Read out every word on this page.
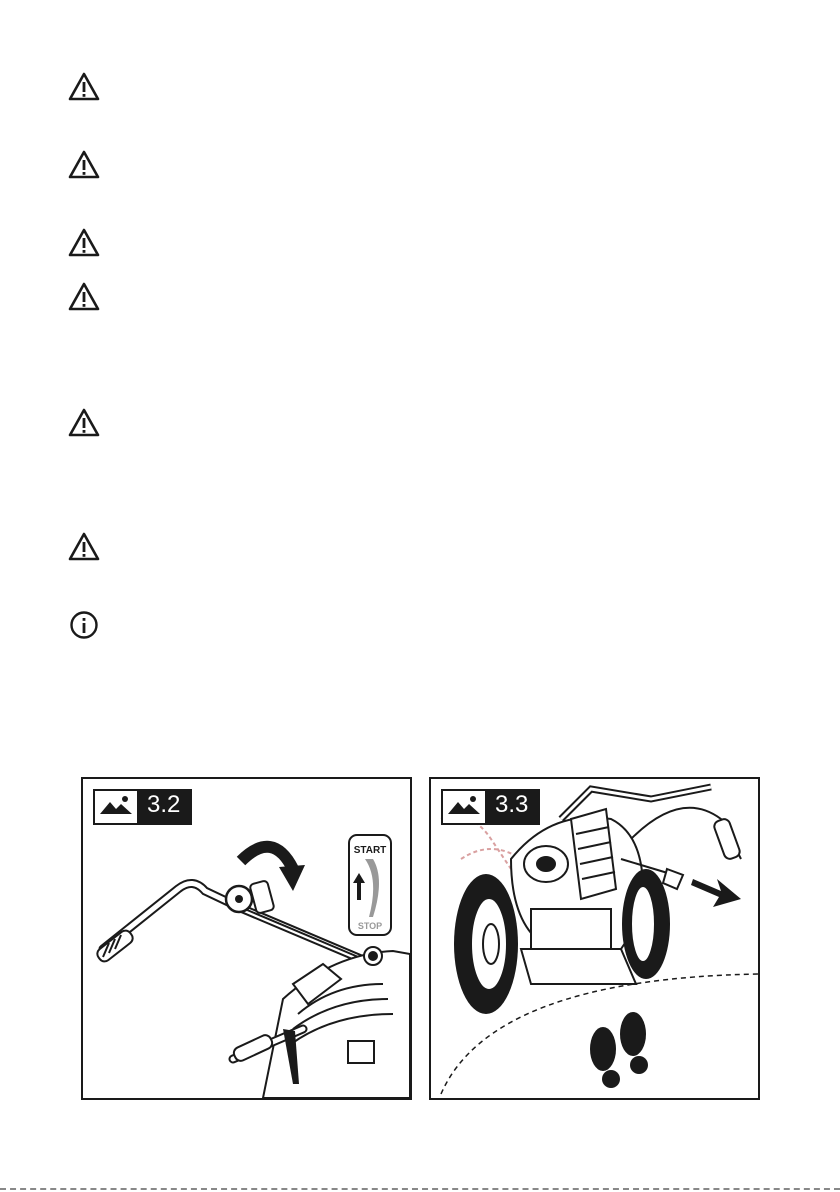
3.2
START
STOP
3.3
